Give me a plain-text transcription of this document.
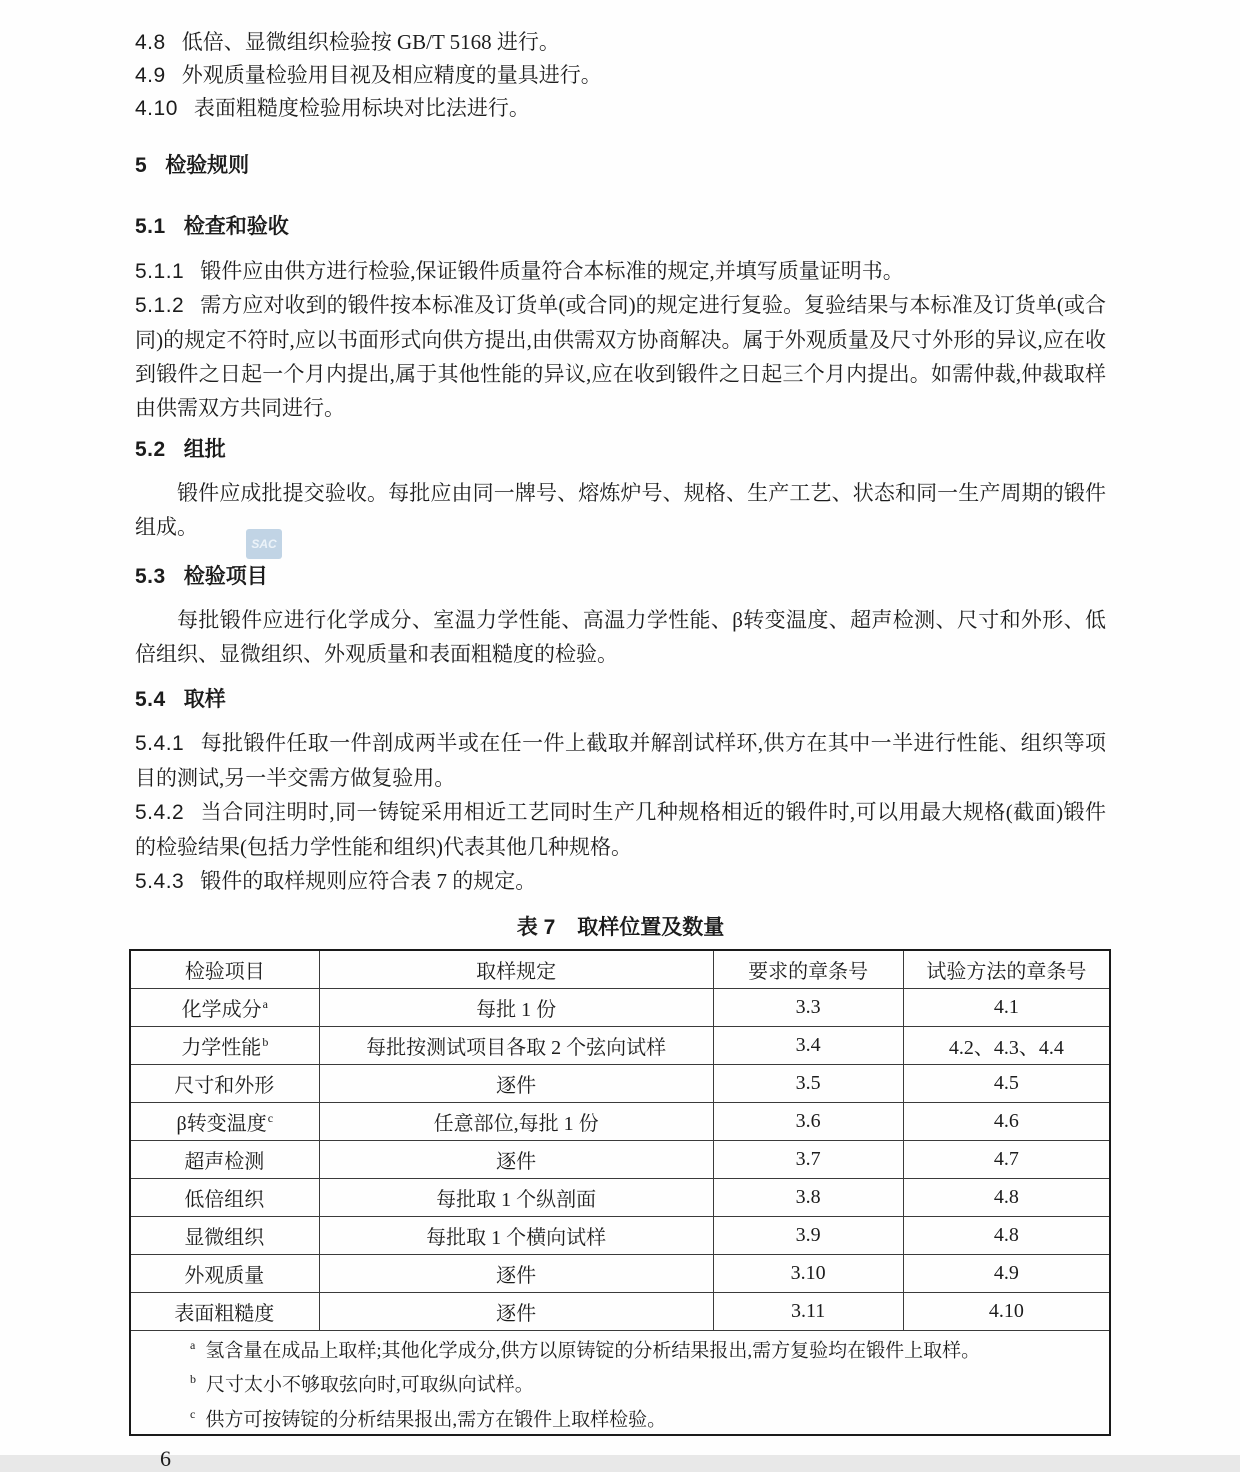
SAC

4.8 低倍、显微组织检验按 GB/T 5168 进行。

4.9 外观质量检验用目视及相应精度的量具进行。

4.10 表面粗糙度检验用标块对比法进行。

5 检验规则
5.1 检查和验收

5.1.1 锻件应由供方进行检验,保证锻件质量符合本标准的规定,并填写质量证明书。

5.1.2 需方应对收到的锻件按本标准及订货单(或合同)的规定进行复验。复验结果与本标准及订货单(或合同)的规定不符时,应以书面形式向供方提出,由供需双方协商解决。属于外观质量及尺寸外形的异议,应在收到锻件之日起一个月内提出,属于其他性能的异议,应在收到锻件之日起三个月内提出。如需仲裁,仲裁取样由供需双方共同进行。

5.2 组批

锻件应成批提交验收。每批应由同一牌号、熔炼炉号、规格、生产工艺、状态和同一生产周期的锻件组成。

5.3 检验项目

每批锻件应进行化学成分、室温力学性能、高温力学性能、β转变温度、超声检测、尺寸和外形、低倍组织、显微组织、外观质量和表面粗糙度的检验。

5.4 取样

5.4.1 每批锻件任取一件剖成两半或在任一件上截取并解剖试样环,供方在其中一半进行性能、组织等项目的测试,另一半交需方做复验用。

5.4.2 当合同注明时,同一铸锭采用相近工艺同时生产几种规格相近的锻件时,可以用最大规格(截面)锻件的检验结果(包括力学性能和组织)代表其他几种规格。

5.4.3 锻件的取样规则应符合表 7 的规定。

表 7 取样位置及数量
检验项目	取样规定	要求的章条号	试验方法的章条号
化学成分$^a$	每批 1 份	3.3	4.1
力学性能$^b$	每批按测试项目各取 2 个弦向试样	3.4	4.2、4.3、4.4
尺寸和外形	逐件	3.5	4.5
β转变温度$^c$	任意部位,每批 1 份	3.6	4.6
超声检测	逐件	3.7	4.7
低倍组织	每批取 1 个纵剖面	3.8	4.8
显微组织	每批取 1 个横向试样	3.9	4.8
外观质量	逐件	3.10	4.9
表面粗糙度	逐件	3.11	4.10

$^a$ 氢含量在成品上取样;其他化学成分,供方以原铸锭的分析结果报出,需方复验均在锻件上取样。
$^b$ 尺寸太小不够取弦向时,可取纵向试样。
$^c$ 供方可按铸锭的分析结果报出,需方在锻件上取样检验。			
6
